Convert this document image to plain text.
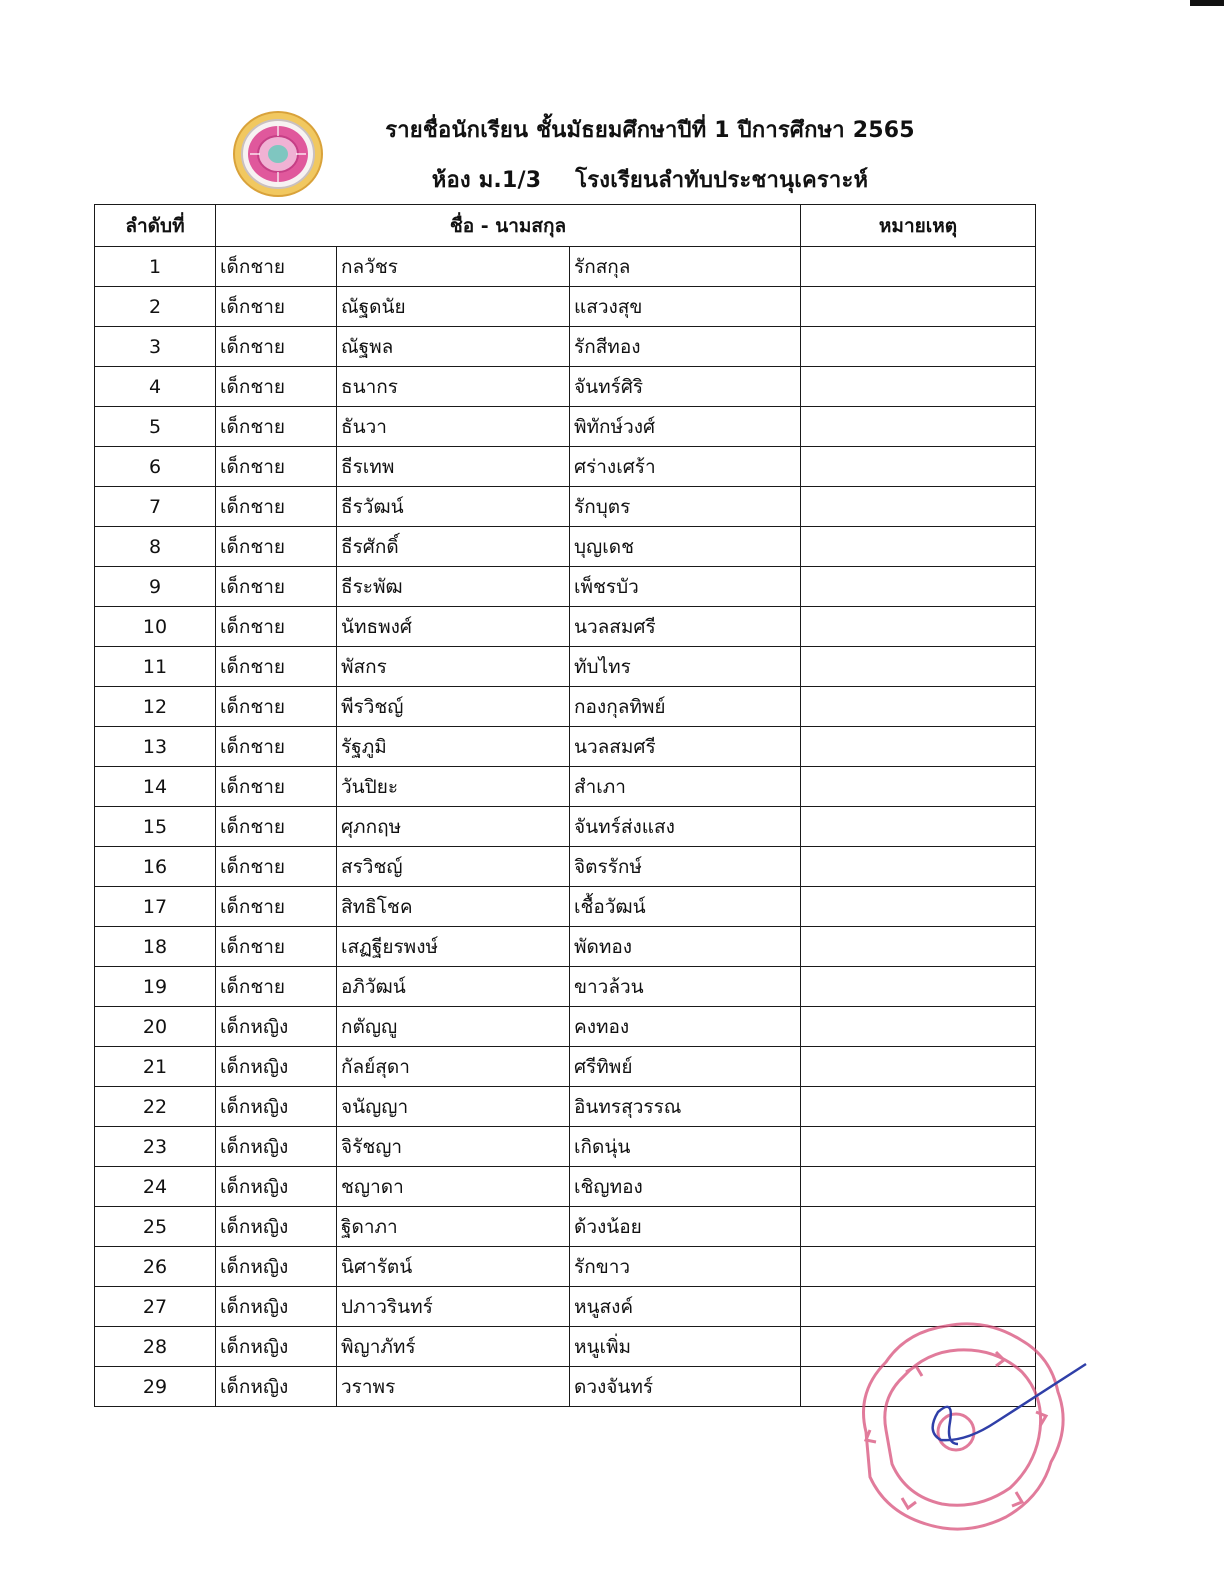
รายชื่อนักเรียน ชั้นมัธยมศึกษาปีที่ 1 ปีการศึกษา 2565
ห้อง ม.1/3 โรงเรียนลำทับประชานุเคราะห์
ลำดับที่	ชื่อ - นามสกุล			หมายเหตุ
1	เด็กชาย	กลวัชร	รักสกุล	
2	เด็กชาย	ณัฐดนัย	แสวงสุข	
3	เด็กชาย	ณัฐพล	รักสีทอง	
4	เด็กชาย	ธนากร	จันทร์ศิริ	
5	เด็กชาย	ธันวา	พิทักษ์วงศ์	
6	เด็กชาย	ธีรเทพ	ศร่างเศร้า	
7	เด็กชาย	ธีรวัฒน์	รักบุตร	
8	เด็กชาย	ธีรศักดิ์	บุญเดช	
9	เด็กชาย	ธีระพัฒ	เพ็ชรบัว	
10	เด็กชาย	นัทธพงศ์	นวลสมศรี	
11	เด็กชาย	พัสกร	ทับไทร	
12	เด็กชาย	พีรวิชญ์	กองกุลทิพย์	
13	เด็กชาย	รัฐภูมิ	นวลสมศรี	
14	เด็กชาย	วันปิยะ	สำเภา	
15	เด็กชาย	ศุภกฤษ	จันทร์ส่งแสง	
16	เด็กชาย	สรวิชญ์	จิตรรักษ์	
17	เด็กชาย	สิทธิโชค	เชื้อวัฒน์	
18	เด็กชาย	เสฏฐียรพงษ์	พัดทอง	
19	เด็กชาย	อภิวัฒน์	ขาวล้วน	
20	เด็กหญิง	กตัญญู	คงทอง	
21	เด็กหญิง	กัลย์สุดา	ศรีทิพย์	
22	เด็กหญิง	จนัญญา	อินทรสุวรรณ	
23	เด็กหญิง	จิรัชญา	เกิดนุ่น	
24	เด็กหญิง	ชญาดา	เชิญทอง	
25	เด็กหญิง	ฐิดาภา	ด้วงน้อย	
26	เด็กหญิง	นิศารัตน์	รักขาว	
27	เด็กหญิง	ปภาวรินทร์	หนูสงค์	
28	เด็กหญิง	พิญาภัทร์	หนูเพิ่ม	
29	เด็กหญิง	วราพร	ดวงจันทร์	
